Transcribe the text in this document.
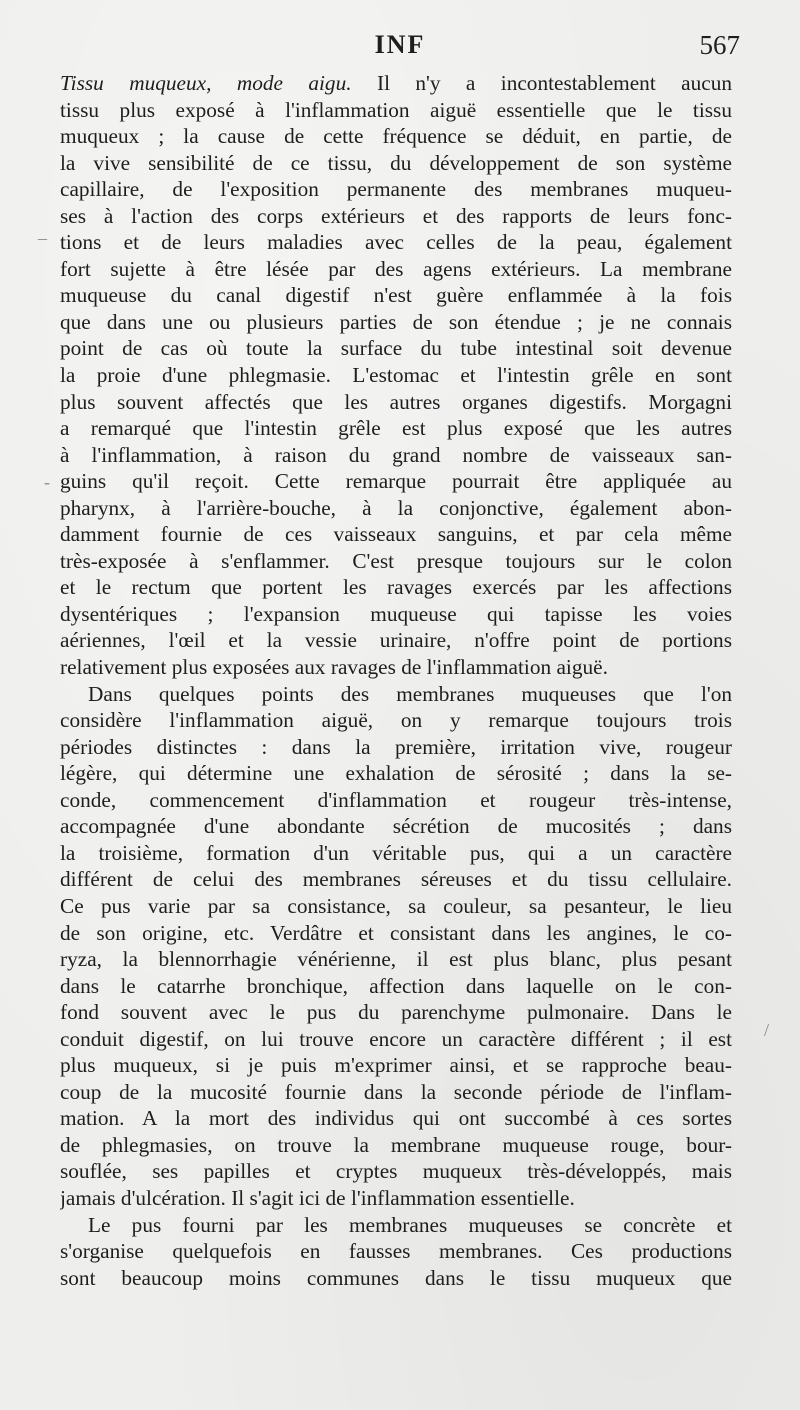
INF	567
Tissu muqueux, mode aigu. Il n'y a incontestablement aucun
tissu plus exposé à l'inflammation aiguë essentielle que le tissu
muqueux ; la cause de cette fréquence se déduit, en partie, de
la vive sensibilité de ce tissu, du développement de son système
capillaire, de l'exposition permanente des membranes muqueu-
ses à l'action des corps extérieurs et des rapports de leurs fonc-
tions et de leurs maladies avec celles de la peau, également
fort sujette à être lésée par des agens extérieurs. La membrane
muqueuse du canal digestif n'est guère enflammée à la fois
que dans une ou plusieurs parties de son étendue ; je ne connais
point de cas où toute la surface du tube intestinal soit devenue
la proie d'une phlegmasie. L'estomac et l'intestin grêle en sont
plus souvent affectés que les autres organes digestifs. Morgagni
a remarqué que l'intestin grêle est plus exposé que les autres
à l'inflammation, à raison du grand nombre de vaisseaux san-
guins qu'il reçoit. Cette remarque pourrait être appliquée au
pharynx, à l'arrière-bouche, à la conjonctive, également abon-
damment fournie de ces vaisseaux sanguins, et par cela même
très-exposée à s'enflammer. C'est presque toujours sur le colon
et le rectum que portent les ravages exercés par les affections
dysentériques ; l'expansion muqueuse qui tapisse les voies
aériennes, l'œil et la vessie urinaire, n'offre point de portions
relativement plus exposées aux ravages de l'inflammation aiguë.
Dans quelques points des membranes muqueuses que l'on
considère l'inflammation aiguë, on y remarque toujours trois
périodes distinctes : dans la première, irritation vive, rougeur
légère, qui détermine une exhalation de sérosité ; dans la se-
conde, commencement d'inflammation et rougeur très-intense,
accompagnée d'une abondante sécrétion de mucosités ; dans
la troisième, formation d'un véritable pus, qui a un caractère
différent de celui des membranes séreuses et du tissu cellulaire.
Ce pus varie par sa consistance, sa couleur, sa pesanteur, le lieu
de son origine, etc. Verdâtre et consistant dans les angines, le co-
ryza, la blennorrhagie vénérienne, il est plus blanc, plus pesant
dans le catarrhe bronchique, affection dans laquelle on le con-
fond souvent avec le pus du parenchyme pulmonaire. Dans le
conduit digestif, on lui trouve encore un caractère différent ; il est
plus muqueux, si je puis m'exprimer ainsi, et se rapproche beau-
coup de la mucosité fournie dans la seconde période de l'inflam-
mation. A la mort des individus qui ont succombé à ces sortes
de phlegmasies, on trouve la membrane muqueuse rouge, bour-
souflée, ses papilles et cryptes muqueux très-développés, mais
jamais d'ulcération. Il s'agit ici de l'inflammation essentielle.
Le pus fourni par les membranes muqueuses se concrète et
s'organise quelquefois en fausses membranes. Ces productions
sont beaucoup moins communes dans le tissu muqueux que
–
-
/
